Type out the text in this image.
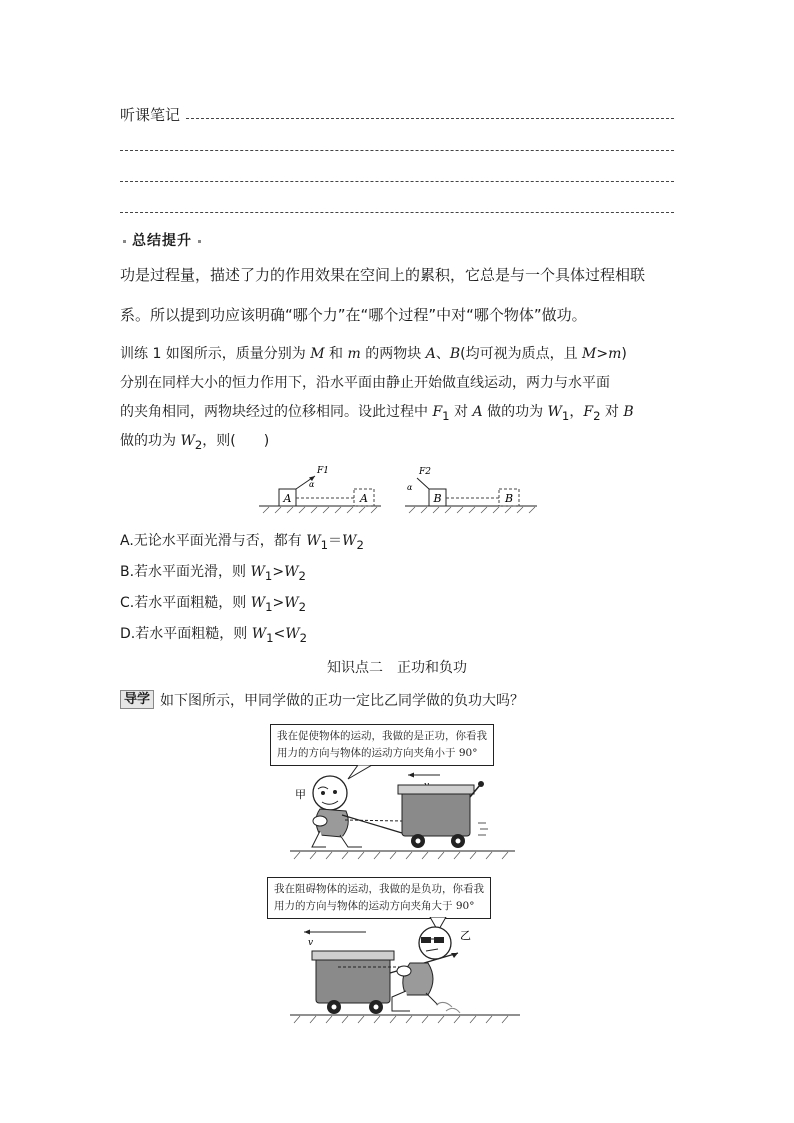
听课笔记
总结提升
功是过程量，描述了力的作用效果在空间上的累积，它总是与一个具体过程相联
系。所以提到功应该明确“哪个力”在“哪个过程”中对“哪个物体”做功。
训练 1 如图所示，质量分别为 M 和 m 的两物块 A、B(均可视为质点，且 M>m)
分别在同样大小的恒力作用下，沿水平面由静止开始做直线运动，两力与水平面
的夹角相同，两物块经过的位移相同。设此过程中 $F_1$ 对 A 做的功为 $W_1$，$F_2$ 对 B
做的功为 $W_2$，则(　　)
A
F1
α
A	B
F2
α
B
A.无论水平面光滑与否，都有 $W_1=W_2$
B.若水平面光滑，则 $W_1>W_2$
C.若水平面粗糙，则 $W_1>W_2$
D.若水平面粗糙，则 $W_1<W_2$
知识点二　正功和负功
导学 如下图所示，甲同学做的正功一定比乙同学做的负功大吗？
我在促使物体的运动，我做的是正功，你看我
用力的方向与物体的运动方向夹角小于 90°
甲
我在阻碍物体的运动，我做的是负功，你看我
用力的方向与物体的运动方向夹角大于 90°
v
乙
